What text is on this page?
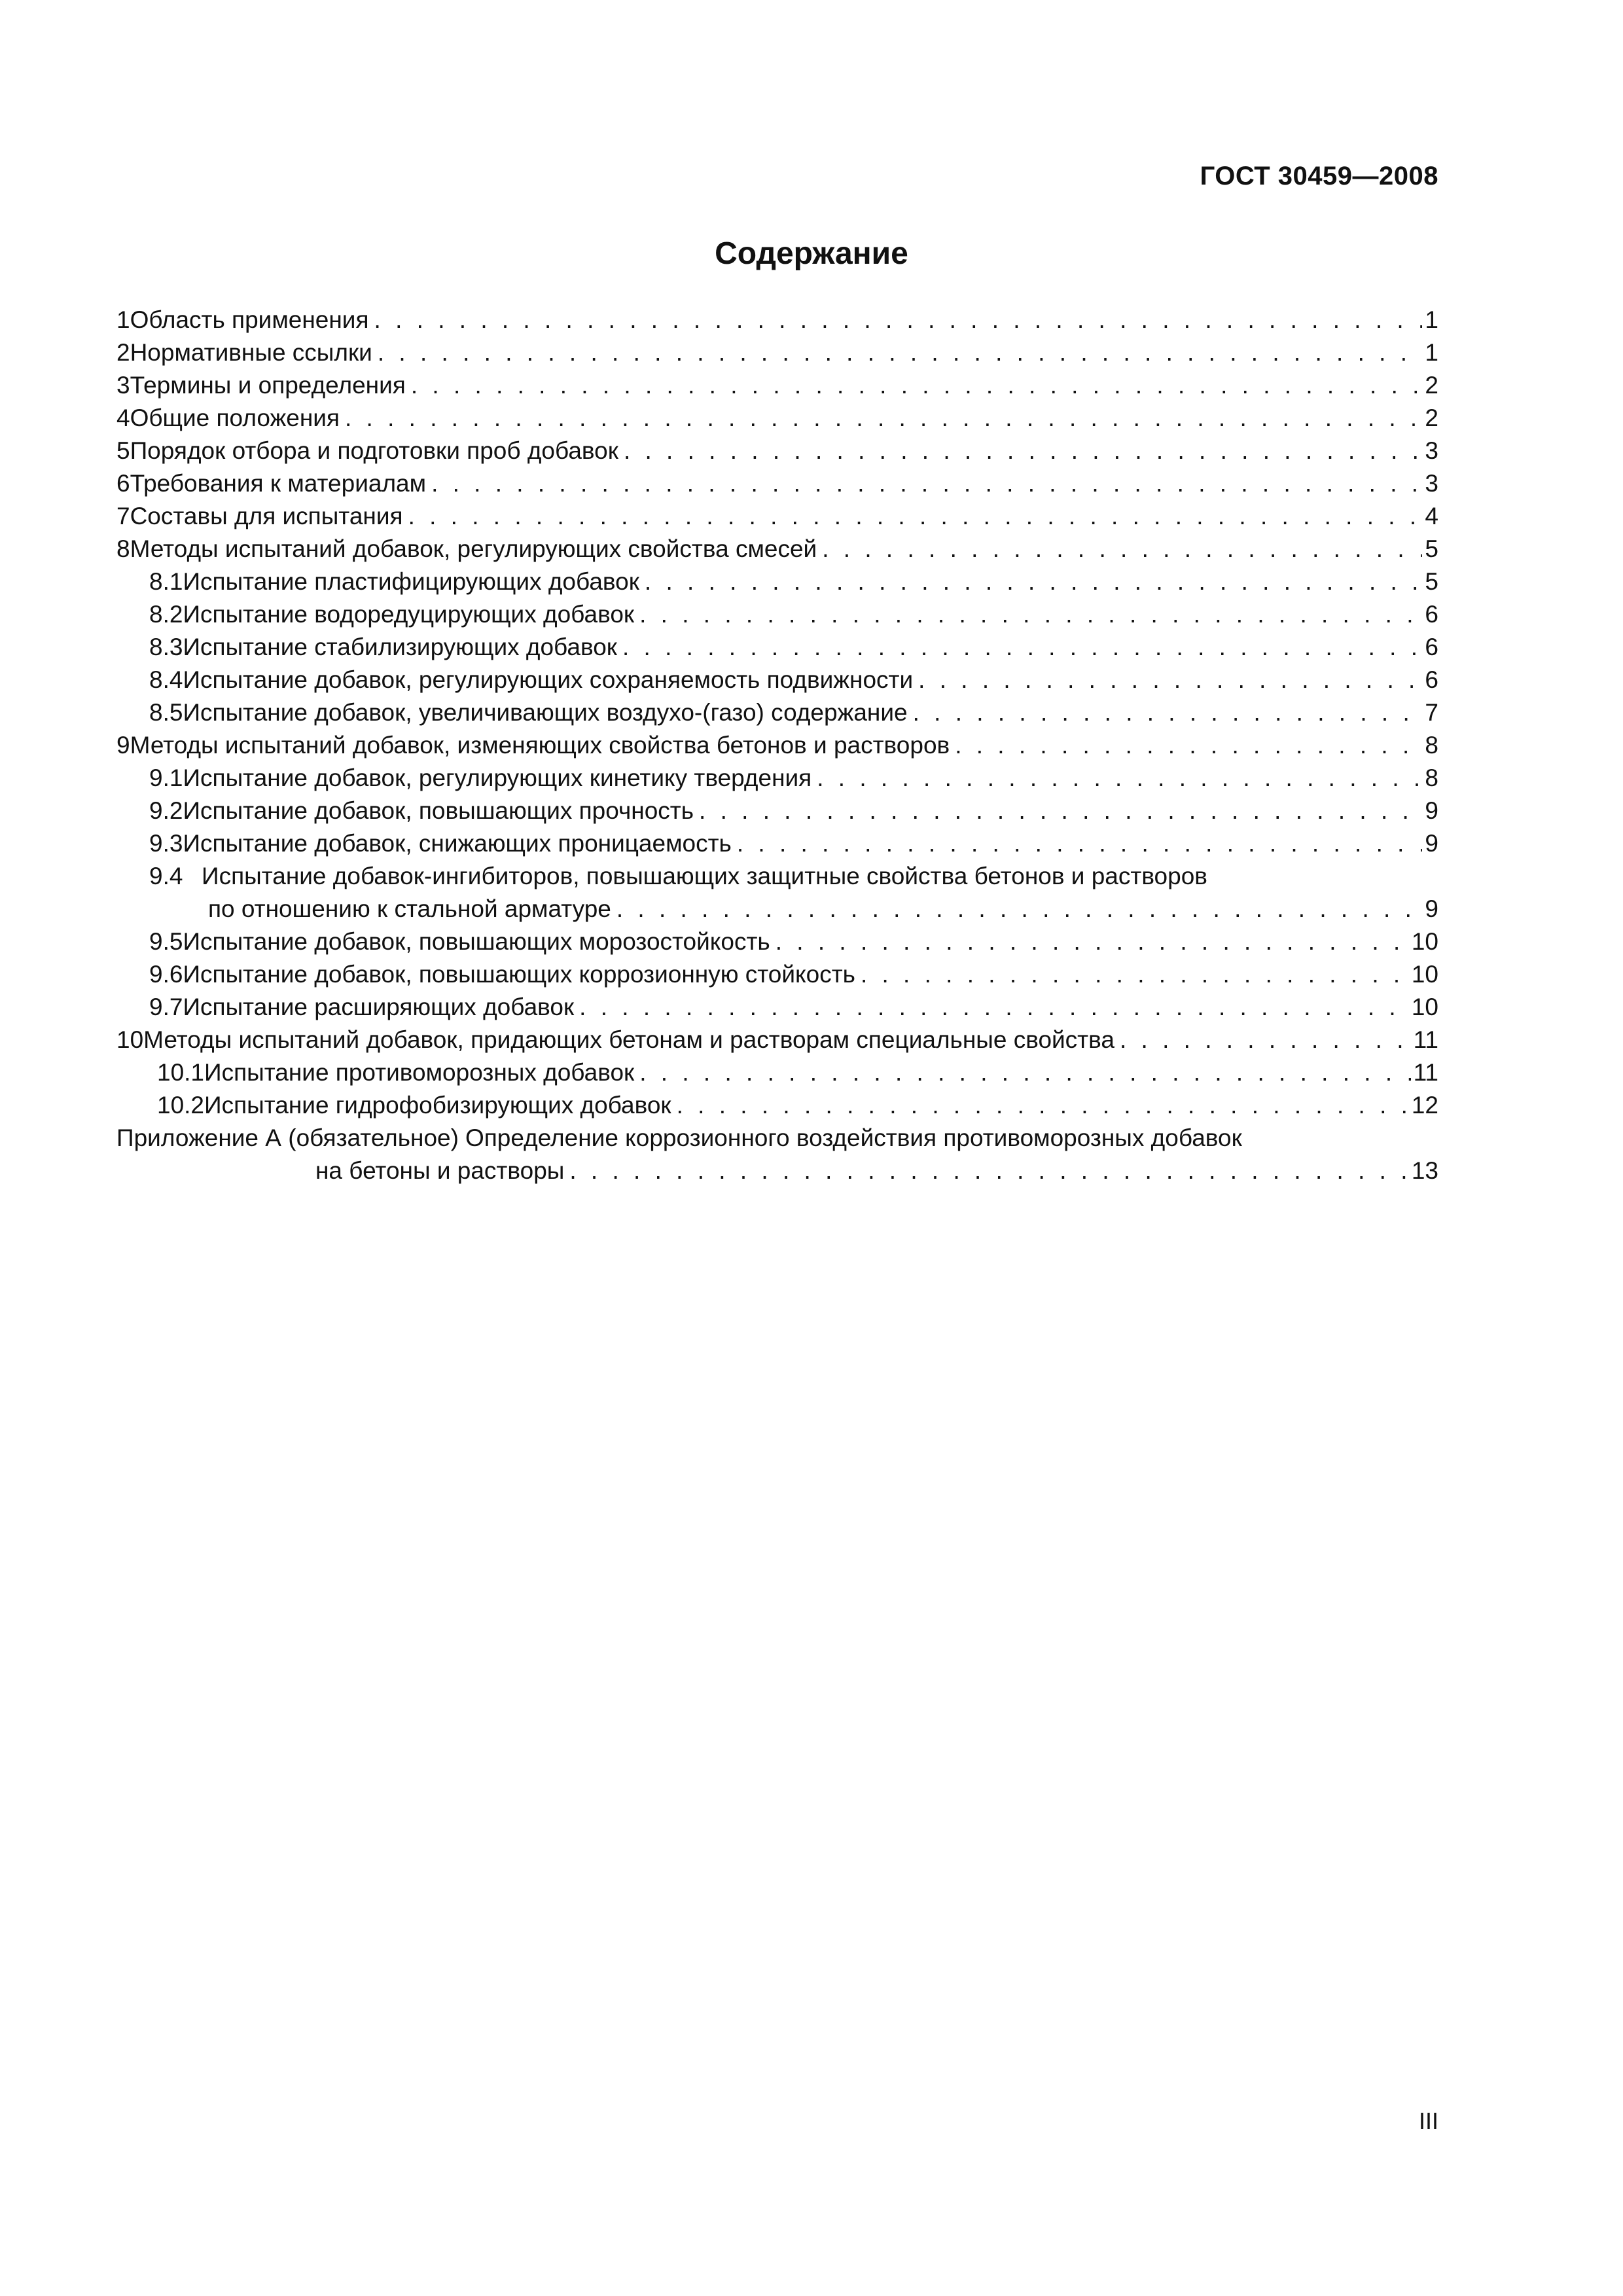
ГОСТ 30459—2008
Содержание
1 Область применения . . .	1
2 Нормативные ссылки . . .	1
3 Термины и определения . . .	2
4 Общие положения . . .	2
5 Порядок отбора и подготовки проб добавок . . .	3
6 Требования к материалам . . .	3
7 Составы для испытания . . .	4
8 Методы испытаний добавок, регулирующих свойства смесей . . .	5
8.1 Испытание пластифицирующих добавок . . .	5
8.2 Испытание водоредуцирующих добавок . . .	6
8.3 Испытание стабилизирующих добавок . . .	6
8.4 Испытание добавок, регулирующих сохраняемость подвижности . . .	6
8.5 Испытание добавок, увеличивающих воздухо-(газо) содержание . . .	7
9 Методы испытаний добавок, изменяющих свойства бетонов и растворов . . .	8
9.1 Испытание добавок, регулирующих кинетику твердения . . .	8
9.2 Испытание добавок, повышающих прочность . . .	9
9.3 Испытание добавок, снижающих проницаемость . . .	9
9.4 Испытание добавок-ингибиторов, повышающих защитные свойства бетонов и растворов
по отношению к стальной арматуре . . .	9
9.5 Испытание добавок, повышающих морозостойкость . . .	10
9.6 Испытание добавок, повышающих коррозионную стойкость . . .	10
9.7 Испытание расширяющих добавок . . .	10
10 Методы испытаний добавок, придающих бетонам и растворам специальные свойства . . .	11
10.1 Испытание противоморозных добавок . . .	11
10.2 Испытание гидрофобизирующих добавок . . .	12
Приложение А (обязательное) Определение коррозионного воздействия противоморозных добавок
на бетоны и растворы . . .	13
III
